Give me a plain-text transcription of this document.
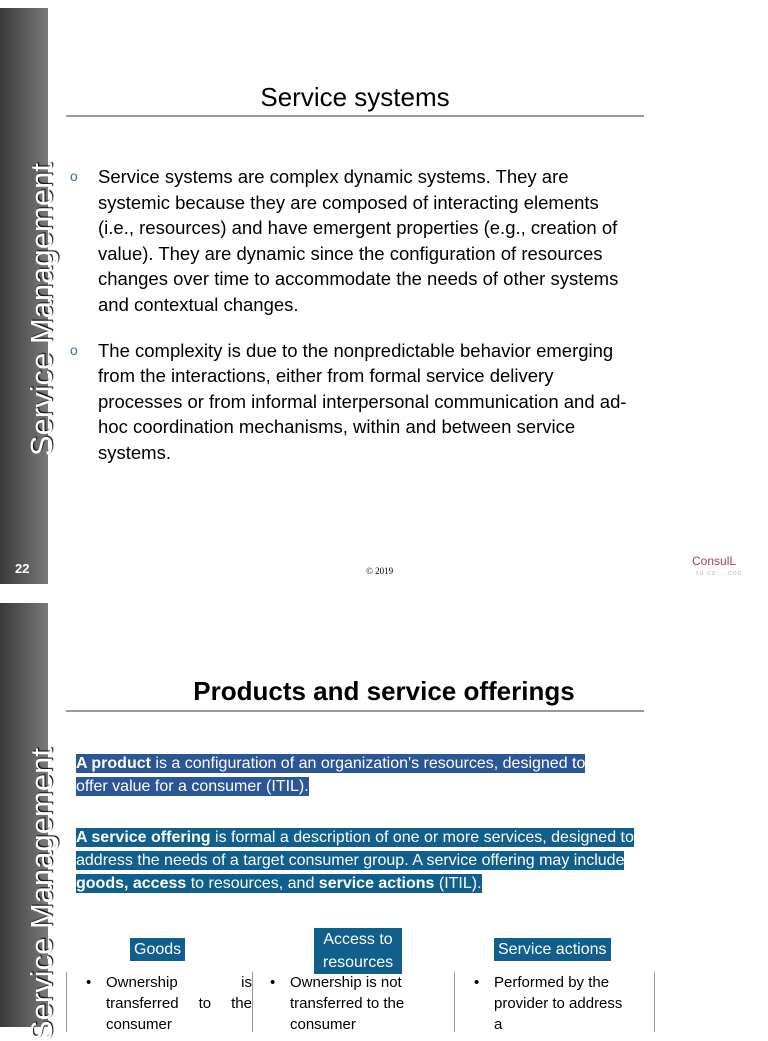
Service Management
22
Service systems
o Service systems are complex dynamic systems. They are systemic because they are composed of interacting elements (i.e., resources) and have emergent properties (e.g., creation of value). They are dynamic since the configuration of resources changes over time to accommodate the needs of other systems and contextual changes.
o The complexity is due to the nonpredictable behavior emerging from the interactions, either from formal service delivery processes or from informal interpersonal communication and ad-hoc coordination mechanisms, within and between service systems.
© 2019
ConsulL
ru cz ...ooo
Service Management
Products and service offerings
A product is a configuration of an organization's resources, designed to offer value for a consumer (ITIL).
A service offering is formal a description of one or more services, designed to address the needs of a target consumer group. A service offering may include goods, access to resources, and service actions (ITIL).
Goods
Access to resources
Service actions
• Ownership is transferred to the consumer
• Ownership is not transferred to the consumer
• Performed by the provider to address a
